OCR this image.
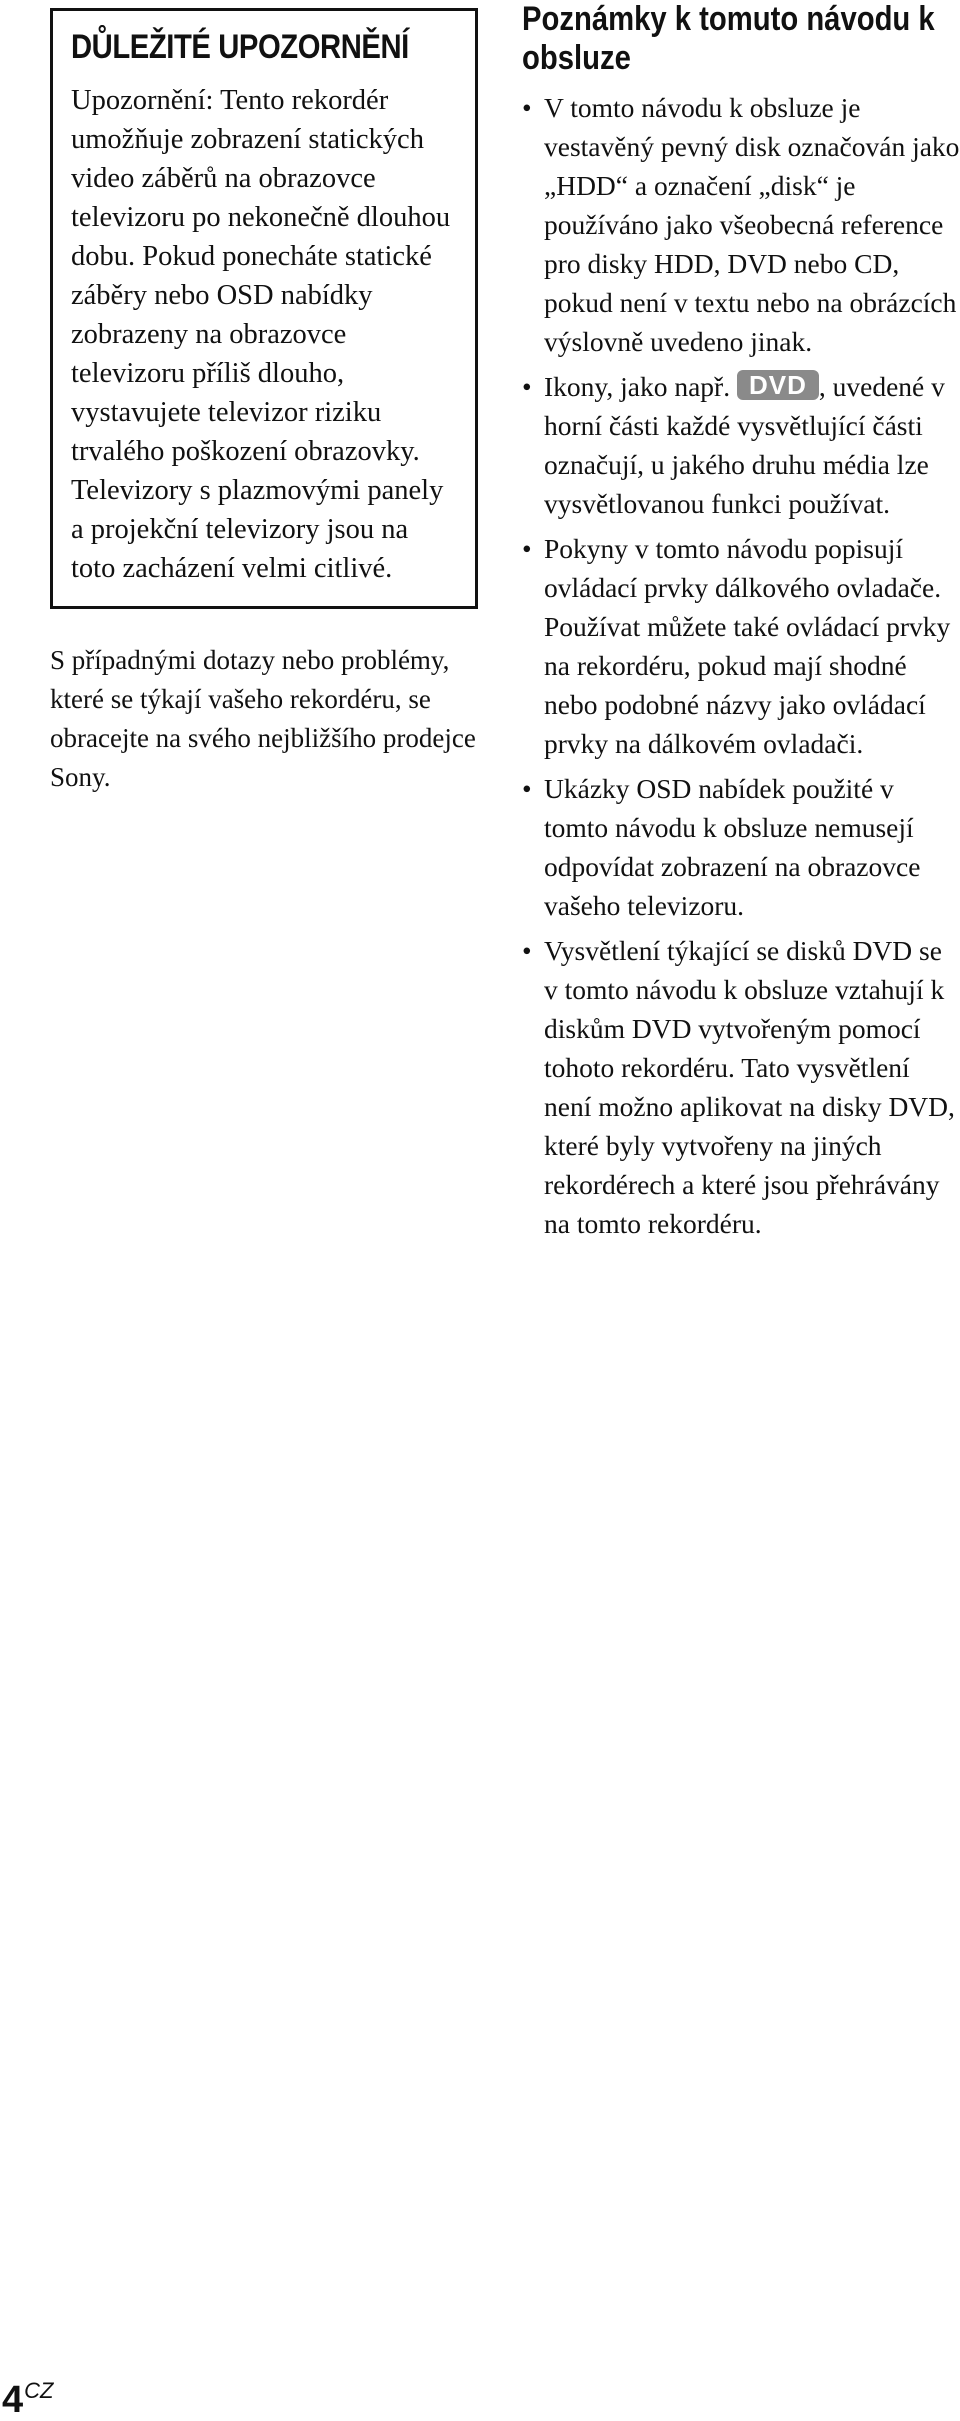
DŮLEŽITÉ UPOZORNĚNÍ

Upozornění: Tento rekordér umožňuje zobrazení statických video záběrů na obrazovce televizoru po nekonečně dlouhou dobu. Pokud ponecháte statické záběry nebo OSD nabídky zobrazeny na obrazovce televizoru příliš dlouho, vystavujete televizor riziku trvalého poškození obrazovky. Televizory s plazmovými panely a projekční televizory jsou na toto zacházení velmi citlivé.

S případnými dotazy nebo problémy, které se týkají vašeho rekordéru, se obracejte na svého nejbližšího prodejce Sony.

Poznámky k tomuto návodu k obsluze
• V tomto návodu k obsluze je vestavěný pevný disk označován jako „HDD“ a označení „disk“ je používáno jako všeobecná reference pro disky HDD, DVD nebo CD, pokud není v textu nebo na obrázcích výslovně uvedeno jinak.
• Ikony, jako např. DVD , uvedené v horní části každé vysvětlující části označují, u jakého druhu média lze vysvětlovanou funkci používat.
• Pokyny v tomto návodu popisují ovládací prvky dálkového ovladače. Používat můžete také ovládací prvky na rekordéru, pokud mají shodné nebo podobné názvy jako ovládací prvky na dálkovém ovladači.
• Ukázky OSD nabídek použité v tomto návodu k obsluze nemusejí odpovídat zobrazení na obrazovce vašeho televizoru.
• Vysvětlení týkající se disků DVD se v tomto návodu k obsluze vztahují k diskům DVD vytvořeným pomocí tohoto rekordéru. Tato vysvětlení není možno aplikovat na disky DVD, které byly vytvořeny na jiných rekordérech a které jsou přehrávány na tomto rekordéru.
4CZ
